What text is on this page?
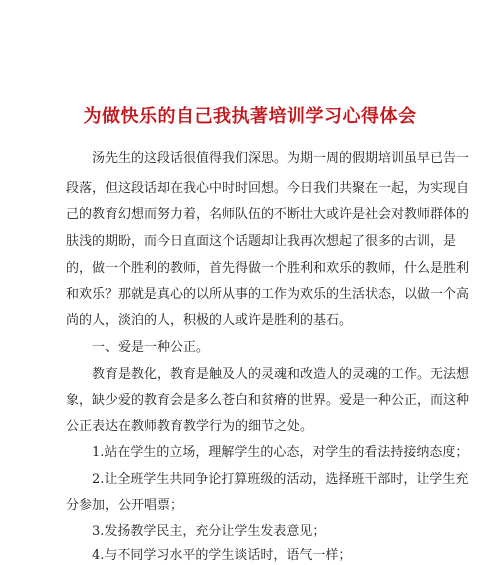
为做快乐的自己我执著培训学习心得体会
汤先生的这段话很值得我们深思。为期一周的假期培训虽早已告一
段落，但这段话却在我心中时时回想。今日我们共聚在一起，为实现自
己的教育幻想而努力着，名师队伍的不断壮大或许是社会对教师群体的
肤浅的期盼，而今日直面这个话题却让我再次想起了很多的古训，是
的，做一个胜利的教师，首先得做一个胜利和欢乐的教师，什么是胜利
和欢乐？那就是真心的以所从事的工作为欢乐的生活状态，以做一个高
尚的人，淡泊的人，积极的人或许是胜利的基石。
一、爱是一种公正。
教育是教化，教育是触及人的灵魂和改造人的灵魂的工作。无法想
象，缺少爱的教育会是多么苍白和贫瘠的世界。爱是一种公正，而这种
公正表达在教师教育教学行为的细节之处。
1.站在学生的立场，理解学生的心态，对学生的看法持接纳态度；
2.让全班学生共同争论打算班级的活动，选择班干部时，让学生充
分参加，公开唱票；
3.发扬教学民主，充分让学生发表意见；
4.与不同学习水平的学生谈话时，语气一样；
